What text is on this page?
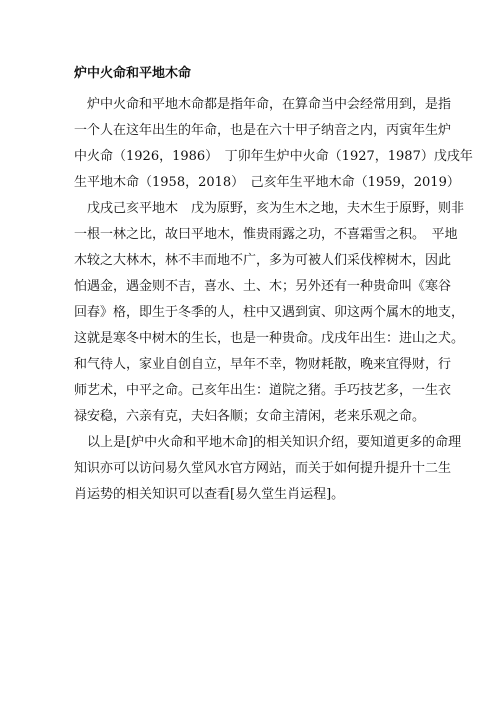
炉中火命和平地木命
炉中火命和平地木命都是指年命，在算命当中会经常用到，是指
一个人在这年出生的年命，也是在六十甲子纳音之内，丙寅年生炉
中火命（1926，1986）　丁卯年生炉中火命（1927，1987）戊戌年
生平地木命（1958，2018）　己亥年生平地木命（1959，2019）
戊戌己亥平地木　戊为原野，亥为生木之地，夫木生于原野，则非
一根一林之比，故曰平地木，惟贵雨露之功，不喜霜雪之积。　平地
木较之大林木，林不丰而地不广，多为可被人们采伐榨树木，因此
怕遇金，遇金则不吉，喜水、土、木；另外还有一种贵命叫《寒谷
回春》格，即生于冬季的人，柱中又遇到寅、卯这两个属木的地支，
这就是寒冬中树木的生长，也是一种贵命。戊戌年出生：进山之犬。
和气待人，家业自创自立，早年不幸，物财耗散，晚来宜得财，行
师艺术，中平之命。己亥年出生：道院之猪。手巧技艺多，一生衣
禄安稳，六亲有克，夫妇各顺；女命主清闲，老来乐观之命。
以上是[炉中火命和平地木命]的相关知识介绍，要知道更多的命理
知识亦可以访问易久堂风水官方网站，而关于如何提升提升十二生
肖运势的相关知识可以查看[易久堂生肖运程]。
